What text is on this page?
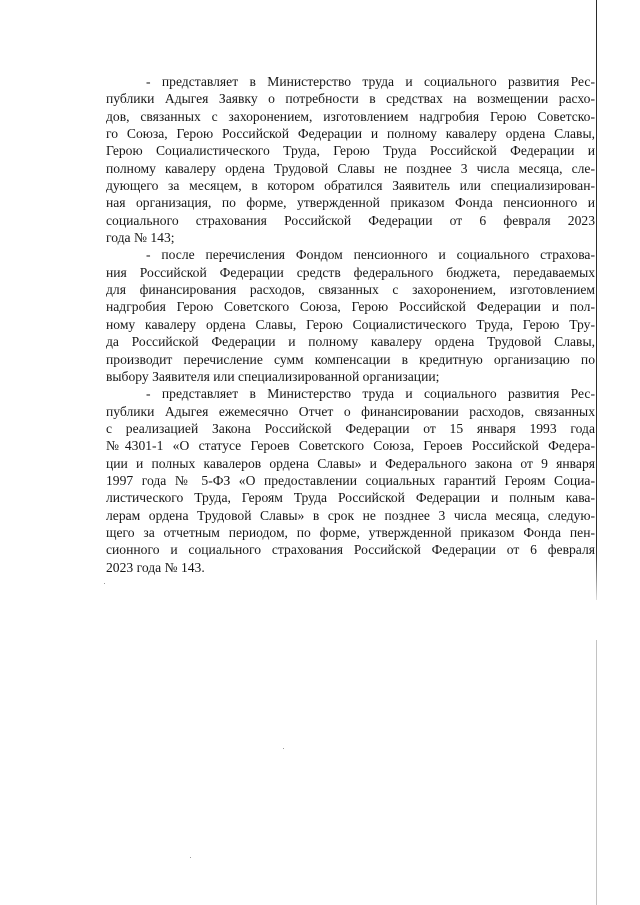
- представляет в Министерство труда и социального развития Рес-
публики Адыгея Заявку о потребности в средствах на возмещении расхо-
дов, связанных с захоронением, изготовлением надгробия Герою Советско-
го Союза, Герою Российской Федерации и полному кавалеру ордена Славы,
Герою Социалистического Труда, Герою Труда Российской Федерации и
полному кавалеру ордена Трудовой Славы не позднее 3 числа месяца, сле-
дующего за месяцем, в котором обратился Заявитель или специализирован-
ная организация, по форме, утвержденной приказом Фонда пенсионного и
социального страхования Российской Федерации от 6 февраля 2023
года № 143;
- после перечисления Фондом пенсионного и социального страхова-
ния Российской Федерации средств федерального бюджета, передаваемых
для финансирования расходов, связанных с захоронением, изготовлением
надгробия Герою Советского Союза, Герою Российской Федерации и пол-
ному кавалеру ордена Славы, Герою Социалистического Труда, Герою Тру-
да Российской Федерации и полному кавалеру ордена Трудовой Славы,
производит перечисление сумм компенсации в кредитную организацию по
выбору Заявителя или специализированной организации;
- представляет в Министерство труда и социального развития Рес-
публики Адыгея ежемесячно Отчет о финансировании расходов, связанных
с реализацией Закона Российской Федерации от 15 января 1993 года
№4301-1 «О статусе Героев Советского Союза, Героев Российской Федера-
ции и полных кавалеров ордена Славы» и Федерального закона от 9 января
1997 года № 5-ФЗ «О предоставлении социальных гарантий Героям Социа-
листического Труда, Героям Труда Российской Федерации и полным кава-
лерам ордена Трудовой Славы» в срок не позднее 3 числа месяца, следую-
щего за отчетным периодом, по форме, утвержденной приказом Фонда пен-
сионного и социального страхования Российской Федерации от 6 февраля
2023 года № 143.
